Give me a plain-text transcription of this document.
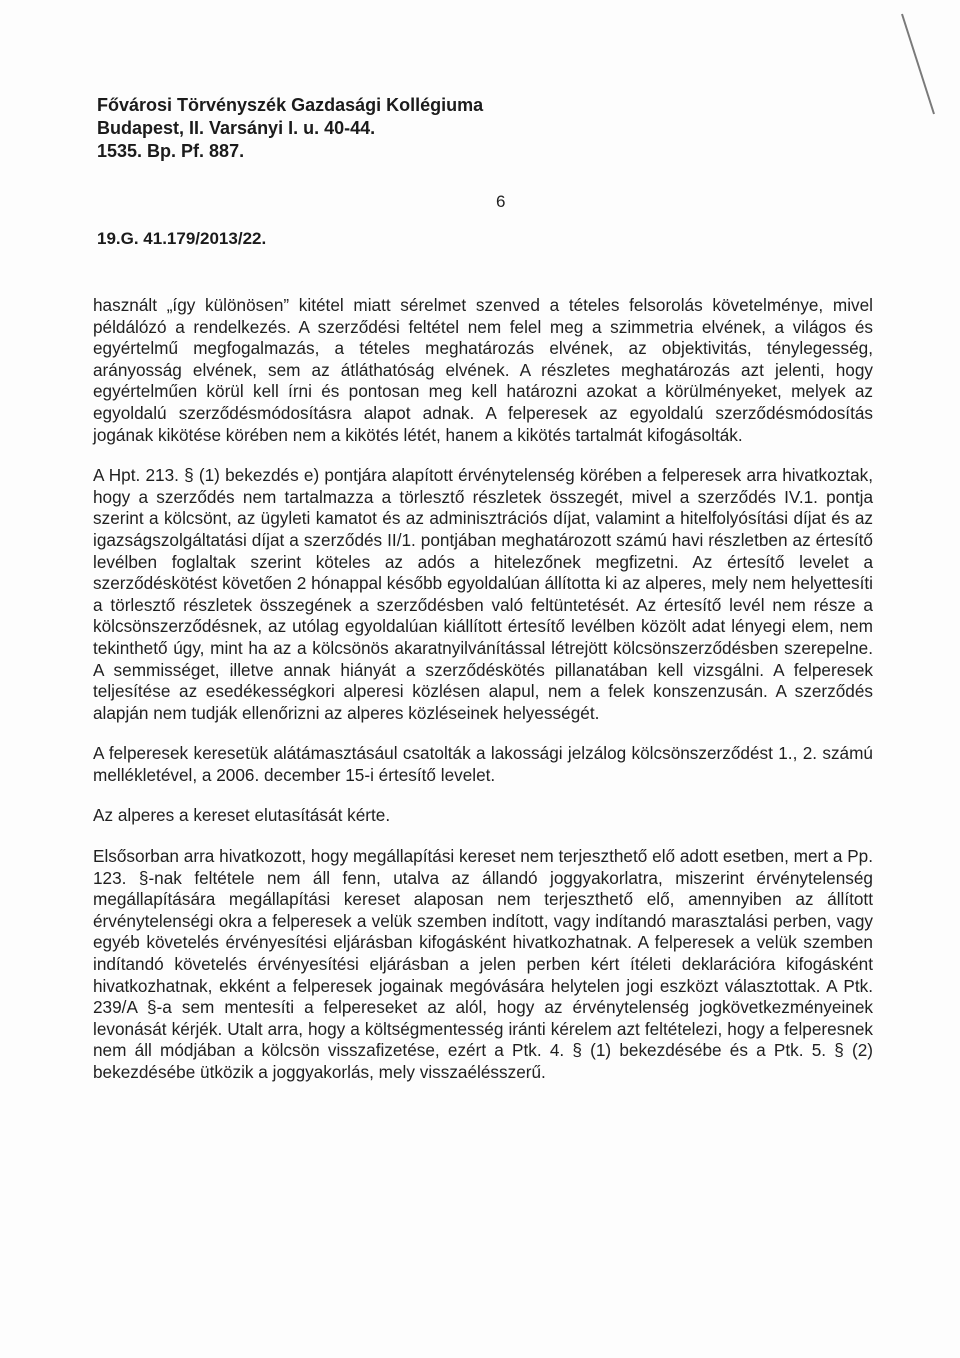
Fővárosi Törvényszék Gazdasági Kollégiuma
Budapest, II. Varsányi I. u. 40-44.
1535. Bp. Pf. 887.
6
19.G. 41.179/2013/22.

használt „így különösen” kitétel miatt sérelmet szenved a tételes felsorolás követelménye, mivel példálózó a rendelkezés. A szerződési feltétel nem felel meg a szimmetria elvének, a világos és egyértelmű megfogalmazás, a tételes meghatározás elvének, az objektivitás, ténylegesség, arányosság elvének, sem az átláthatóság elvének. A részletes meghatározás azt jelenti, hogy egyértelműen körül kell írni és pontosan meg kell határozni azokat a körülményeket, melyek az egyoldalú szerződésmódosításra alapot adnak. A felperesek az egyoldalú szerződésmódosítás jogának kikötése körében nem a kikötés létét, hanem a kikötés tartalmát kifogásolták.

A Hpt. 213. § (1) bekezdés e) pontjára alapított érvénytelenség körében a felperesek arra hivatkoztak, hogy a szerződés nem tartalmazza a törlesztő részletek összegét, mivel a szerződés IV.1. pontja szerint a kölcsönt, az ügyleti kamatot és az adminisztrációs díjat, valamint a hitelfolyósítási díjat és az igazságszolgáltatási díjat a szerződés II/1. pontjában meghatározott számú havi részletben az értesítő levélben foglaltak szerint köteles az adós a hitelezőnek megfizetni. Az értesítő levelet a szerződéskötést követően 2 hónappal később egyoldalúan állította ki az alperes, mely nem helyettesíti a törlesztő részletek összegének a szerződésben való feltüntetését. Az értesítő levél nem része a kölcsönszerződésnek, az utólag egyoldalúan kiállított értesítő levélben közölt adat lényegi elem, nem tekinthető úgy, mint ha az a kölcsönös akaratnyilvánítással létrejött kölcsönszerződésben szerepelne. A semmisséget, illetve annak hiányát a szerződéskötés pillanatában kell vizsgálni. A felperesek teljesítése az esedékességkori alperesi közlésen alapul, nem a felek konszenzusán. A szerződés alapján nem tudják ellenőrizni az alperes közléseinek helyességét.

A felperesek keresetük alátámasztásául csatolták a lakossági jelzálog kölcsönszerződést 1., 2. számú mellékletével, a 2006. december 15-i értesítő levelet.

Az alperes a kereset elutasítását kérte.

Elsősorban arra hivatkozott, hogy megállapítási kereset nem terjeszthető elő adott esetben, mert a Pp. 123. §-nak feltétele nem áll fenn, utalva az állandó joggyakorlatra, miszerint érvénytelenség megállapítására megállapítási kereset alaposan nem terjeszthető elő, amennyiben az állított érvénytelenségi okra a felperesek a velük szemben indított, vagy indítandó marasztalási perben, vagy egyéb követelés érvényesítési eljárásban kifogásként hivatkozhatnak. A felperesek a velük szemben indítandó követelés érvényesítési eljárásban a jelen perben kért ítéleti deklarációra kifogásként hivatkozhatnak, ekként a felperesek jogainak megóvására helytelen jogi eszközt választottak. A Ptk. 239/A §-a sem mentesíti a felpereseket az alól, hogy az érvénytelenség jogkövetkezményeinek levonását kérjék. Utalt arra, hogy a költségmentesség iránti kérelem azt feltételezi, hogy a felperesnek nem áll módjában a kölcsön visszafizetése, ezért a Ptk. 4. § (1) bekezdésébe és a Ptk. 5. § (2) bekezdésébe ütközik a joggyakorlás, mely visszaélésszerű.
